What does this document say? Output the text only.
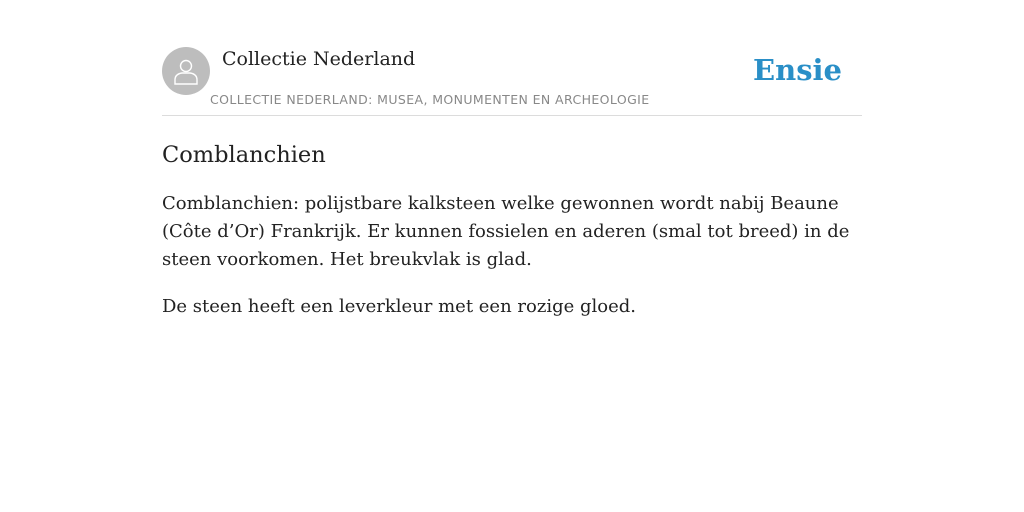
Collectie Nederland
COLLECTIE NEDERLAND: MUSEA, MONUMENTEN EN ARCHEOLOGIE
Ensie
Comblanchien

Comblanchien: polijstbare kalksteen welke gewonnen wordt nabij Beaune (Côte d’Or) Frankrijk. Er kunnen fossielen en aderen (smal tot breed) in de steen voorkomen. Het breukvlak is glad.

De steen heeft een leverkleur met een rozige gloed.
